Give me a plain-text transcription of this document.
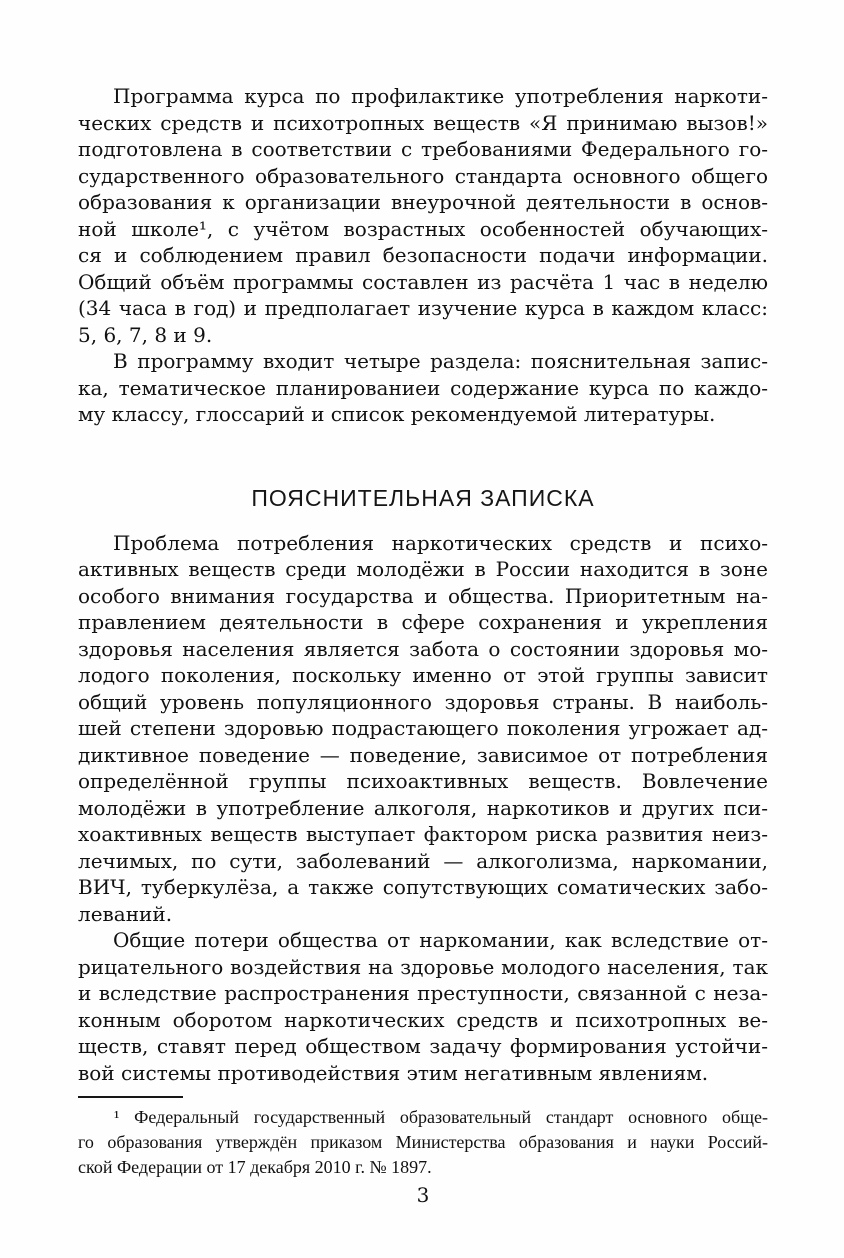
Программа курса по профилактике употребления наркоти-
ческих средств и психотропных веществ «Я принимаю вызов!»
подготовлена в соответствии с требованиями Федерального го-
сударственного образовательного стандарта основного общего
образования к организации внеурочной деятельности в основ-
ной школе¹, с учётом возрастных особенностей обучающих-
ся и соблюдением правил безопасности подачи информации.
Общий объём программы составлен из расчёта 1 час в неделю
(34 часа в год) и предполагает изучение курса в каждом класс:
5, 6, 7, 8 и 9.

В программу входит четыре раздела: пояснительная запис-
ка, тематическое планированиеи содержание курса по каждо-
му классу, глоссарий и список рекомендуемой литературы.

ПОЯСНИТЕЛЬНАЯ ЗАПИСКА

Проблема потребления наркотических средств и психо-
активных веществ среди молодёжи в России находится в зоне
особого внимания государства и общества. Приоритетным на-
правлением деятельности в сфере сохранения и укрепления
здоровья населения является забота о состоянии здоровья мо-
лодого поколения, поскольку именно от этой группы зависит
общий уровень популяционного здоровья страны. В наиболь-
шей степени здоровью подрастающего поколения угрожает ад-
диктивное поведение — поведение, зависимое от потребления
определённой группы психоактивных веществ. Вовлечение
молодёжи в употребление алкоголя, наркотиков и других пси-
хоактивных веществ выступает фактором риска развития неиз-
лечимых, по сути, заболеваний — алкоголизма, наркомании,
ВИЧ, туберкулёза, а также сопутствующих соматических забо-
леваний.

Общие потери общества от наркомании, как вследствие от-
рицательного воздействия на здоровье молодого населения, так
и вследствие распространения преступности, связанной с неза-
конным оборотом наркотических средств и психотропных ве-
ществ, ставят перед обществом задачу формирования устойчи-
вой системы противодействия этим негативным явлениям.

¹ Федеральный государственный образовательный стандарт основного обще-
го образования утверждён приказом Министерства образования и науки Россий-
ской Федерации от 17 декабря 2010 г. № 1897.

3
